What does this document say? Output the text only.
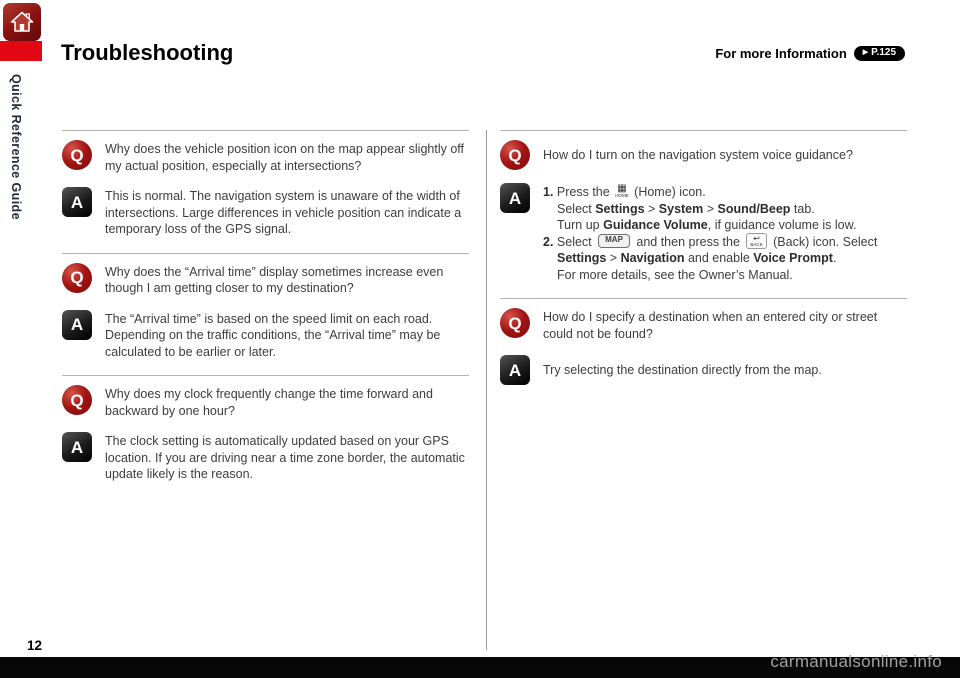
Quick Reference Guide
Troubleshooting	For more Information ▶ P.125
Q Why does the vehicle position icon on the map appear slightly off my actual position, especially at intersections?
A This is normal. The navigation system is unaware of the width of intersections. Large differences in vehicle position can indicate a temporary loss of the GPS signal.
Q Why does the “Arrival time” display sometimes increase even though I am getting closer to my destination?
A The “Arrival time” is based on the speed limit on each road. Depending on the traffic conditions, the “Arrival time” may be calculated to be earlier or later.
Q Why does my clock frequently change the time forward and backward by one hour?
A The clock setting is automatically updated based on your GPS location. If you are driving near a time zone border, the automatic update likely is the reason.
Q How do I turn on the navigation system voice guidance?
A 1. Press the ▦
HOME (Home) icon.
Select Settings > System > Sound/Beep tab.
Turn up Guidance Volume, if guidance volume is low.
2. Select MAP and then press the ↩
BACK (Back) icon. Select
Settings > Navigation and enable Voice Prompt.
For more details, see the Owner’s Manual.
Q How do I specify a destination when an entered city or street could not be found?
A Try selecting the destination directly from the map.
12
carmanualsonline.info
